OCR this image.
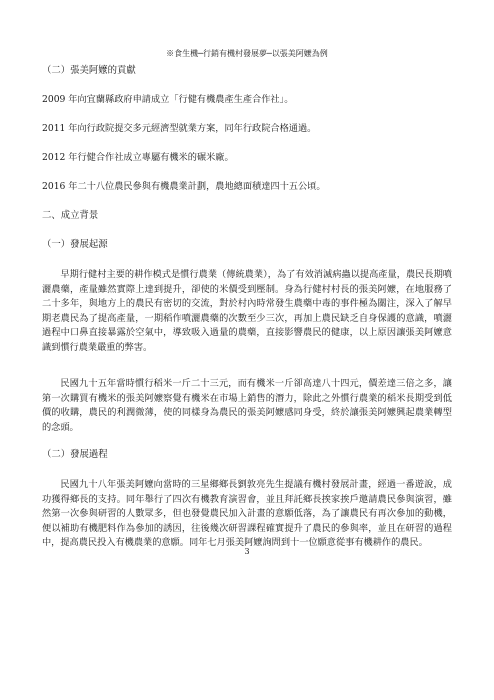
※食生機─行銷有機村發展夢─以張美阿嬤為例
（二）張美阿嬤的貢獻
2009 年向宜蘭縣政府申請成立「行健有機農產生產合作社」。
2011 年向行政院提交多元經濟型就業方案，同年行政院合格通過。
2012 年行健合作社成立專屬有機米的碾米廠。
2016 年二十八位農民參與有機農業計劃，農地總面積達四十五公頃。
二、成立背景
（一）發展起源
早期行健村主要的耕作模式是慣行農業（傳統農業），為了有效消滅病蟲以提高產量，農民長期噴灑農藥，產量雖然實際上達到提升，卻使的米價受到壓制。身為行健村村長的張美阿嬤，在地服務了二十多年，與地方上的農民有密切的交流，對於村內時常發生農藥中毒的事件極為關注，深入了解早期老農民為了提高產量，一期稻作噴灑農藥的次數至少三次，再加上農民缺乏自身保護的意識，噴灑過程中口鼻直接暴露於空氣中，導致吸入過量的農藥，直接影響農民的健康，以上原因讓張美阿嬤意識到慣行農業嚴重的弊害。
民國九十五年當時慣行稻米一斤二十三元，而有機米一斤卻高達八十四元，價差達三倍之多，讓第一次購買有機米的張美阿嬤察覺有機米在市場上銷售的潛力，除此之外慣行農業的稻米長期受到低價的收購，農民的利潤微薄，使的同樣身為農民的張美阿嬤感同身受，終於讓張美阿嬤興起農業轉型的念頭。
（二）發展過程
民國九十八年張美阿嬤向當時的三星鄉鄉長劉敦亮先生提議有機村發展計畫，經過一番遊說，成功獲得鄉長的支持。同年舉行了四次有機教育演習會，並且拜託鄉長挨家挨戶邀請農民參與演習，雖然第一次參與研習的人數眾多，但也發覺農民加入計畫的意願低落，為了讓農民有再次參加的動機，便以補助有機肥料作為參加的誘因，往後幾次研習課程確實提升了農民的參與率，並且在研習的過程中，提高農民投入有機農業的意願。同年七月張美阿嬤詢問到十一位願意從事有機耕作的農民。
3
